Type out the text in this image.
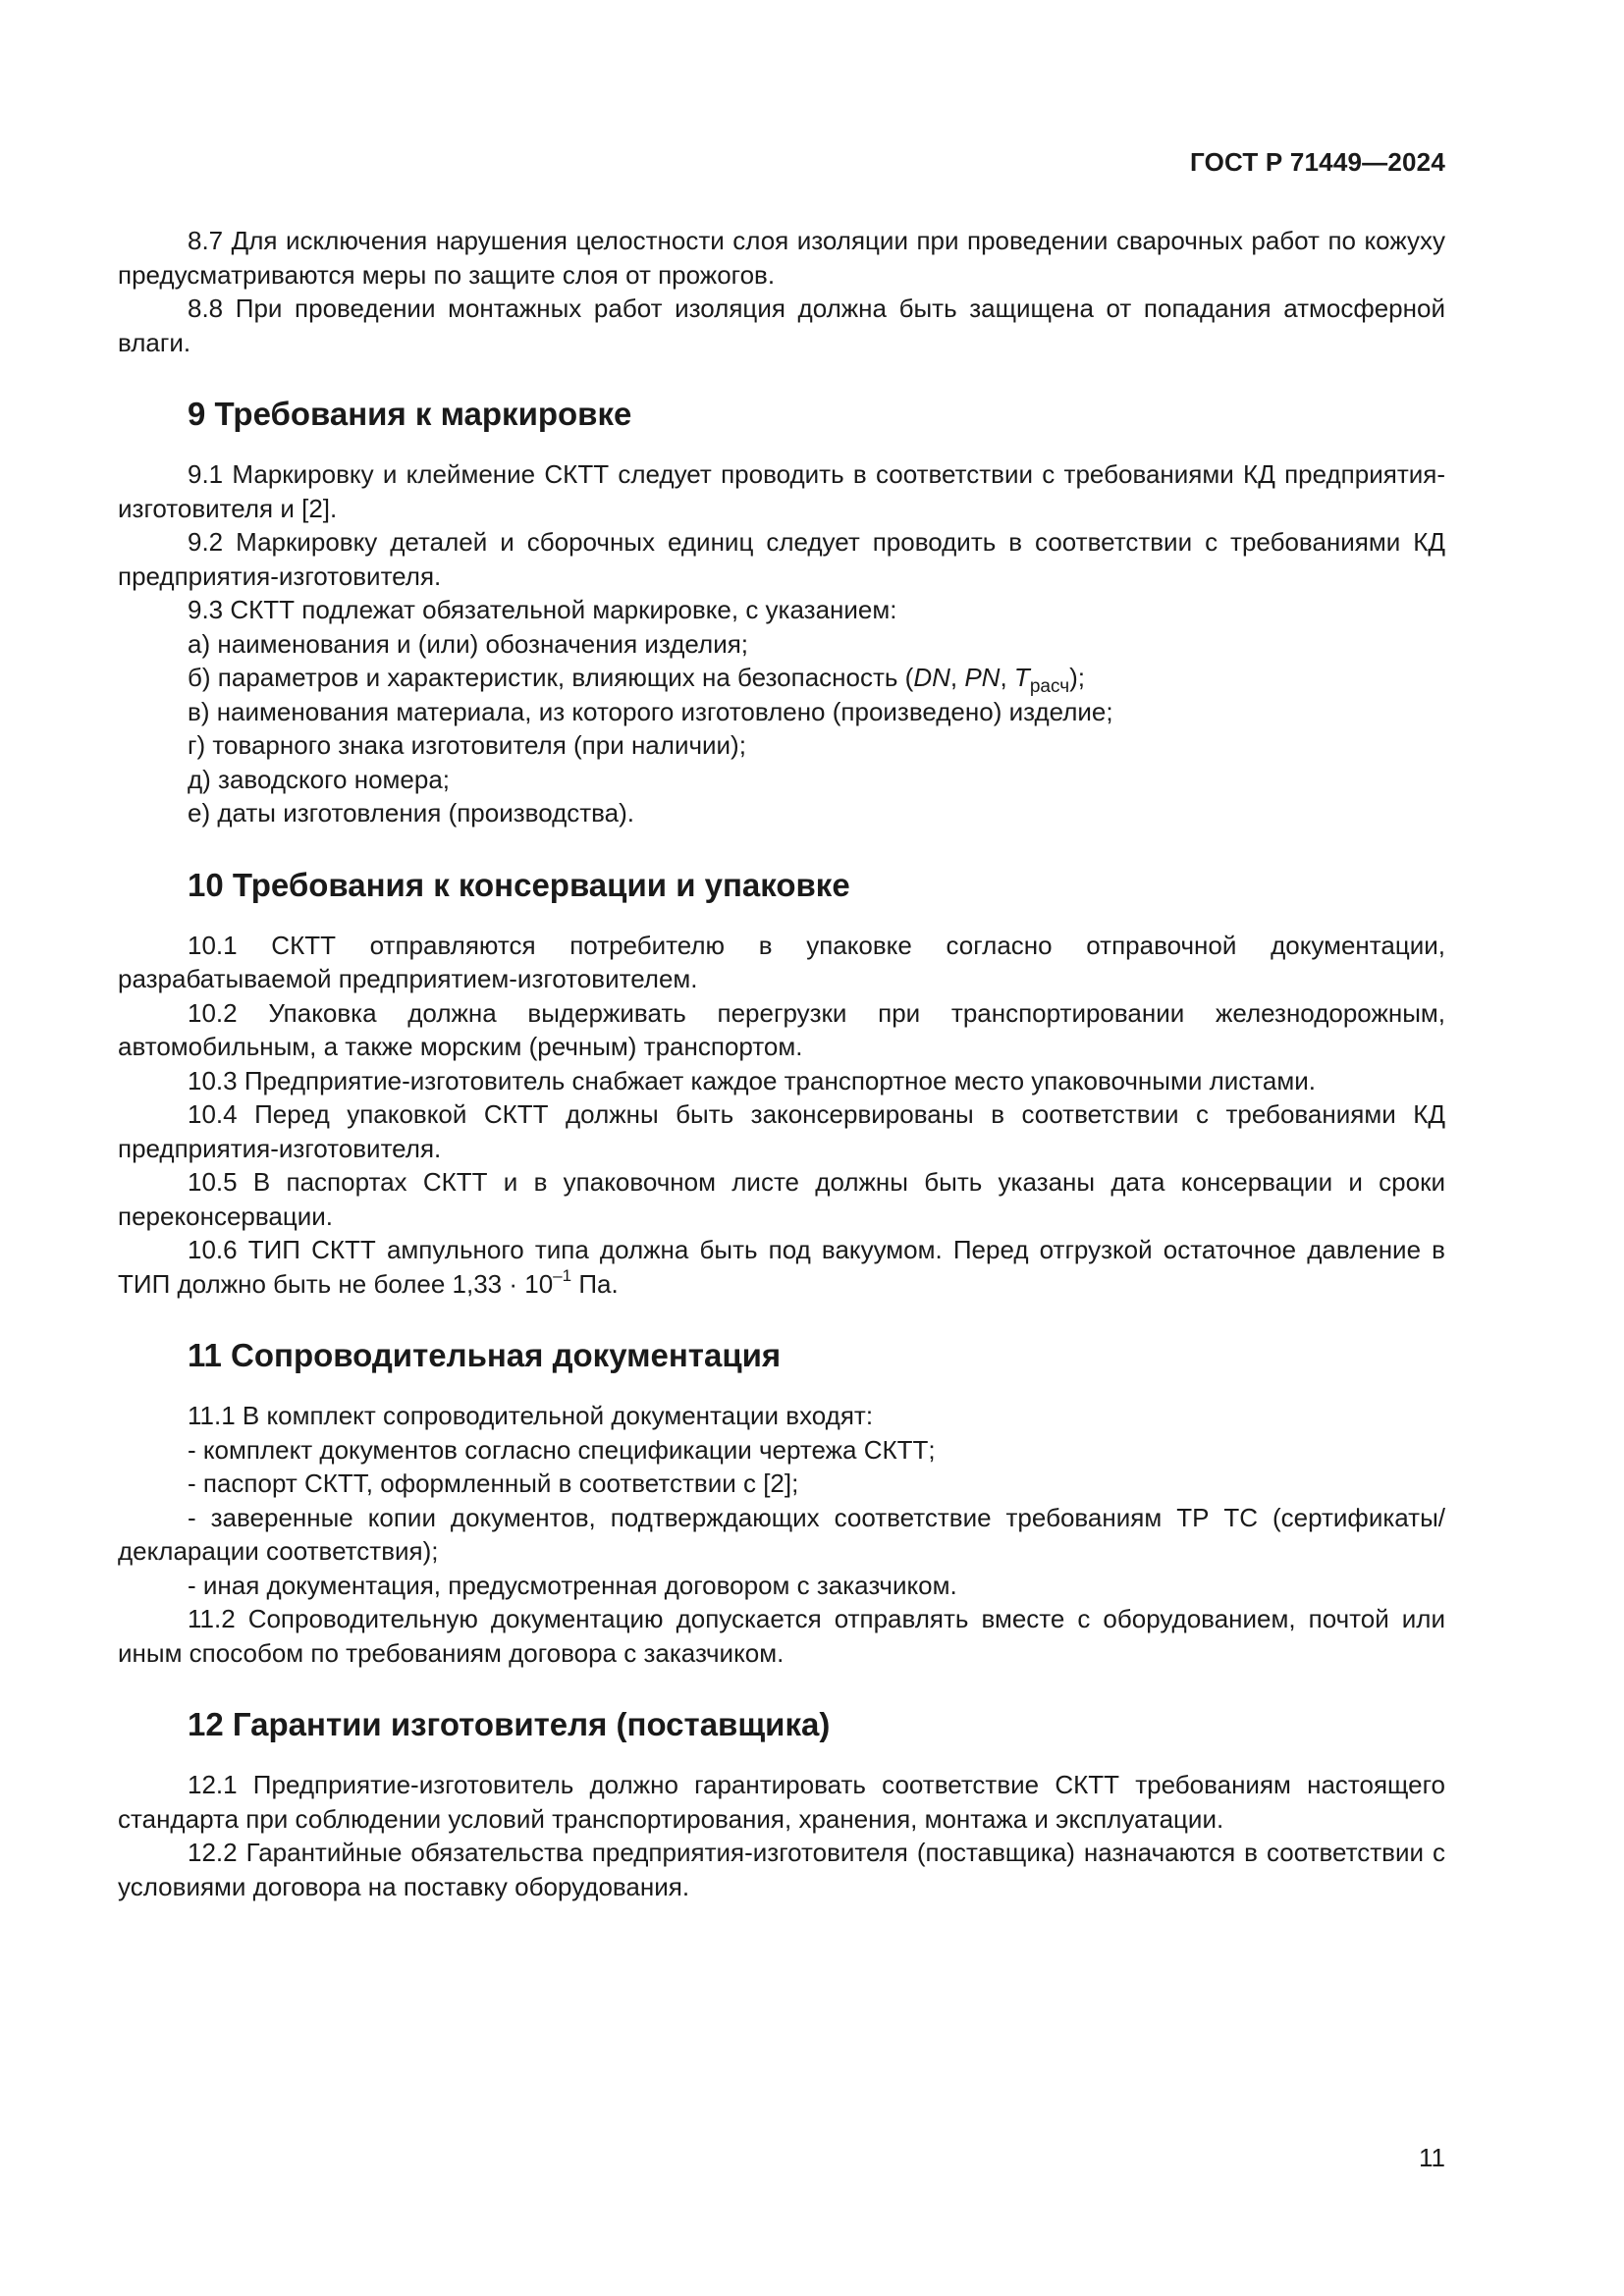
ГОСТ Р 71449—2024

8.7 Для исключения нарушения целостности слоя изоляции при проведении сварочных работ по кожуху предусматриваются меры по защите слоя от прожогов.

8.8 При проведении монтажных работ изоляция должна быть защищена от попадания атмосферной влаги.

9 Требования к маркировке

9.1 Маркировку и клеймение СКТТ следует проводить в соответствии с требованиями КД предприятия-изготовителя и [2].

9.2 Маркировку деталей и сборочных единиц следует проводить в соответствии с требованиями КД предприятия-изготовителя.

9.3 СКТТ подлежат обязательной маркировке, с указанием:

а) наименования и (или) обозначения изделия;

б) параметров и характеристик, влияющих на безопасность (DN, PN, $T_{расч}$);

в) наименования материала, из которого изготовлено (произведено) изделие;

г) товарного знака изготовителя (при наличии);

д) заводского номера;

е) даты изготовления (производства).

10 Требования к консервации и упаковке

10.1 СКТТ отправляются потребителю в упаковке согласно отправочной документации, разрабатываемой предприятием-изготовителем.

10.2 Упаковка должна выдерживать перегрузки при транспортировании железнодорожным, автомобильным, а также морским (речным) транспортом.

10.3 Предприятие-изготовитель снабжает каждое транспортное место упаковочными листами.

10.4 Перед упаковкой СКТТ должны быть законсервированы в соответствии с требованиями КД предприятия-изготовителя.

10.5 В паспортах СКТТ и в упаковочном листе должны быть указаны дата консервации и сроки переконсервации.

10.6 ТИП СКТТ ампульного типа должна быть под вакуумом. Перед отгрузкой остаточное давление в ТИП должно быть не более $1,33 \cdot 10^{-1}$ Па.

11 Сопроводительная документация

11.1 В комплект сопроводительной документации входят:

- комплект документов согласно спецификации чертежа СКТТ;

- паспорт СКТТ, оформленный в соответствии с [2];

- заверенные копии документов, подтверждающих соответствие требованиям ТР ТС (сертификаты/декларации соответствия);

- иная документация, предусмотренная договором с заказчиком.

11.2 Сопроводительную документацию допускается отправлять вместе с оборудованием, почтой или иным способом по требованиям договора с заказчиком.

12 Гарантии изготовителя (поставщика)

12.1 Предприятие-изготовитель должно гарантировать соответствие СКТТ требованиям настоящего стандарта при соблюдении условий транспортирования, хранения, монтажа и эксплуатации.

12.2 Гарантийные обязательства предприятия-изготовителя (поставщика) назначаются в соответствии с условиями договора на поставку оборудования.

11
